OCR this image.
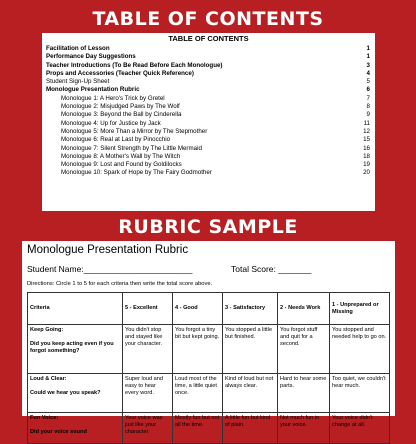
TABLE OF CONTENTS
TABLE OF CONTENTS
Facilitation of Lesson	1
Performance Day Suggestions	1
Teacher Introductions (To Be Read Before Each Monologue)	3
Props and Accessories (Teacher Quick Reference)	4
Student Sign-Up Sheet	5
Monologue Presentation Rubric	6
Monologue 1: A Hero's Trick by Gretel	7
Monologue 2: Misjudged Paws by The Wolf	8
Monologue 3: Beyond the Ball by Cinderella	9
Monologue 4: Up for Justice by Jack	11
Monologue 5: More Than a Mirror by The Stepmother	12
Monologue 6: Real at Last by Pinocchio	15
Monologue 7: Silent Strength by The Little Mermaid	16
Monologue 8: A Mother's Wall by The Witch	18
Monologue 9: Lost and Found by Goldilocks	19
Monologue 10: Spark of Hope by The Fairy Godmother	20
RUBRIC SAMPLE
Monologue Presentation Rubric
Student Name:_______________________	Total Score: _______
Directions: Circle 1 to 5 for each criteria then write the total score above.
Criteria	5 - Excellent	4 - Good	3 - Satisfactory	2 - Needs Work	1 - Unprepared or Missing
Keep Going:
Did you keep acting even if you forgot something?	You didn't stop and stayed like your character.	You forgot a tiny bit but kept going.	You stopped a little but finished.	You forgot stuff and quit for a second.	You stopped and needed help to go on.
Loud & Clear:
Could we hear you speak?	Super loud and easy to hear every word.	Loud most of the time, a little quiet once.	Kind of loud but not always clear.	Hard to hear some parts.	Too quiet, we couldn't hear much.
Fun Voice:
Did your voice sound	Your voice was just like your character.	Mostly fun but not all the time.	A little fun but kind of plain.	Not much fun in your voice.	Your voice didn't change at all.
